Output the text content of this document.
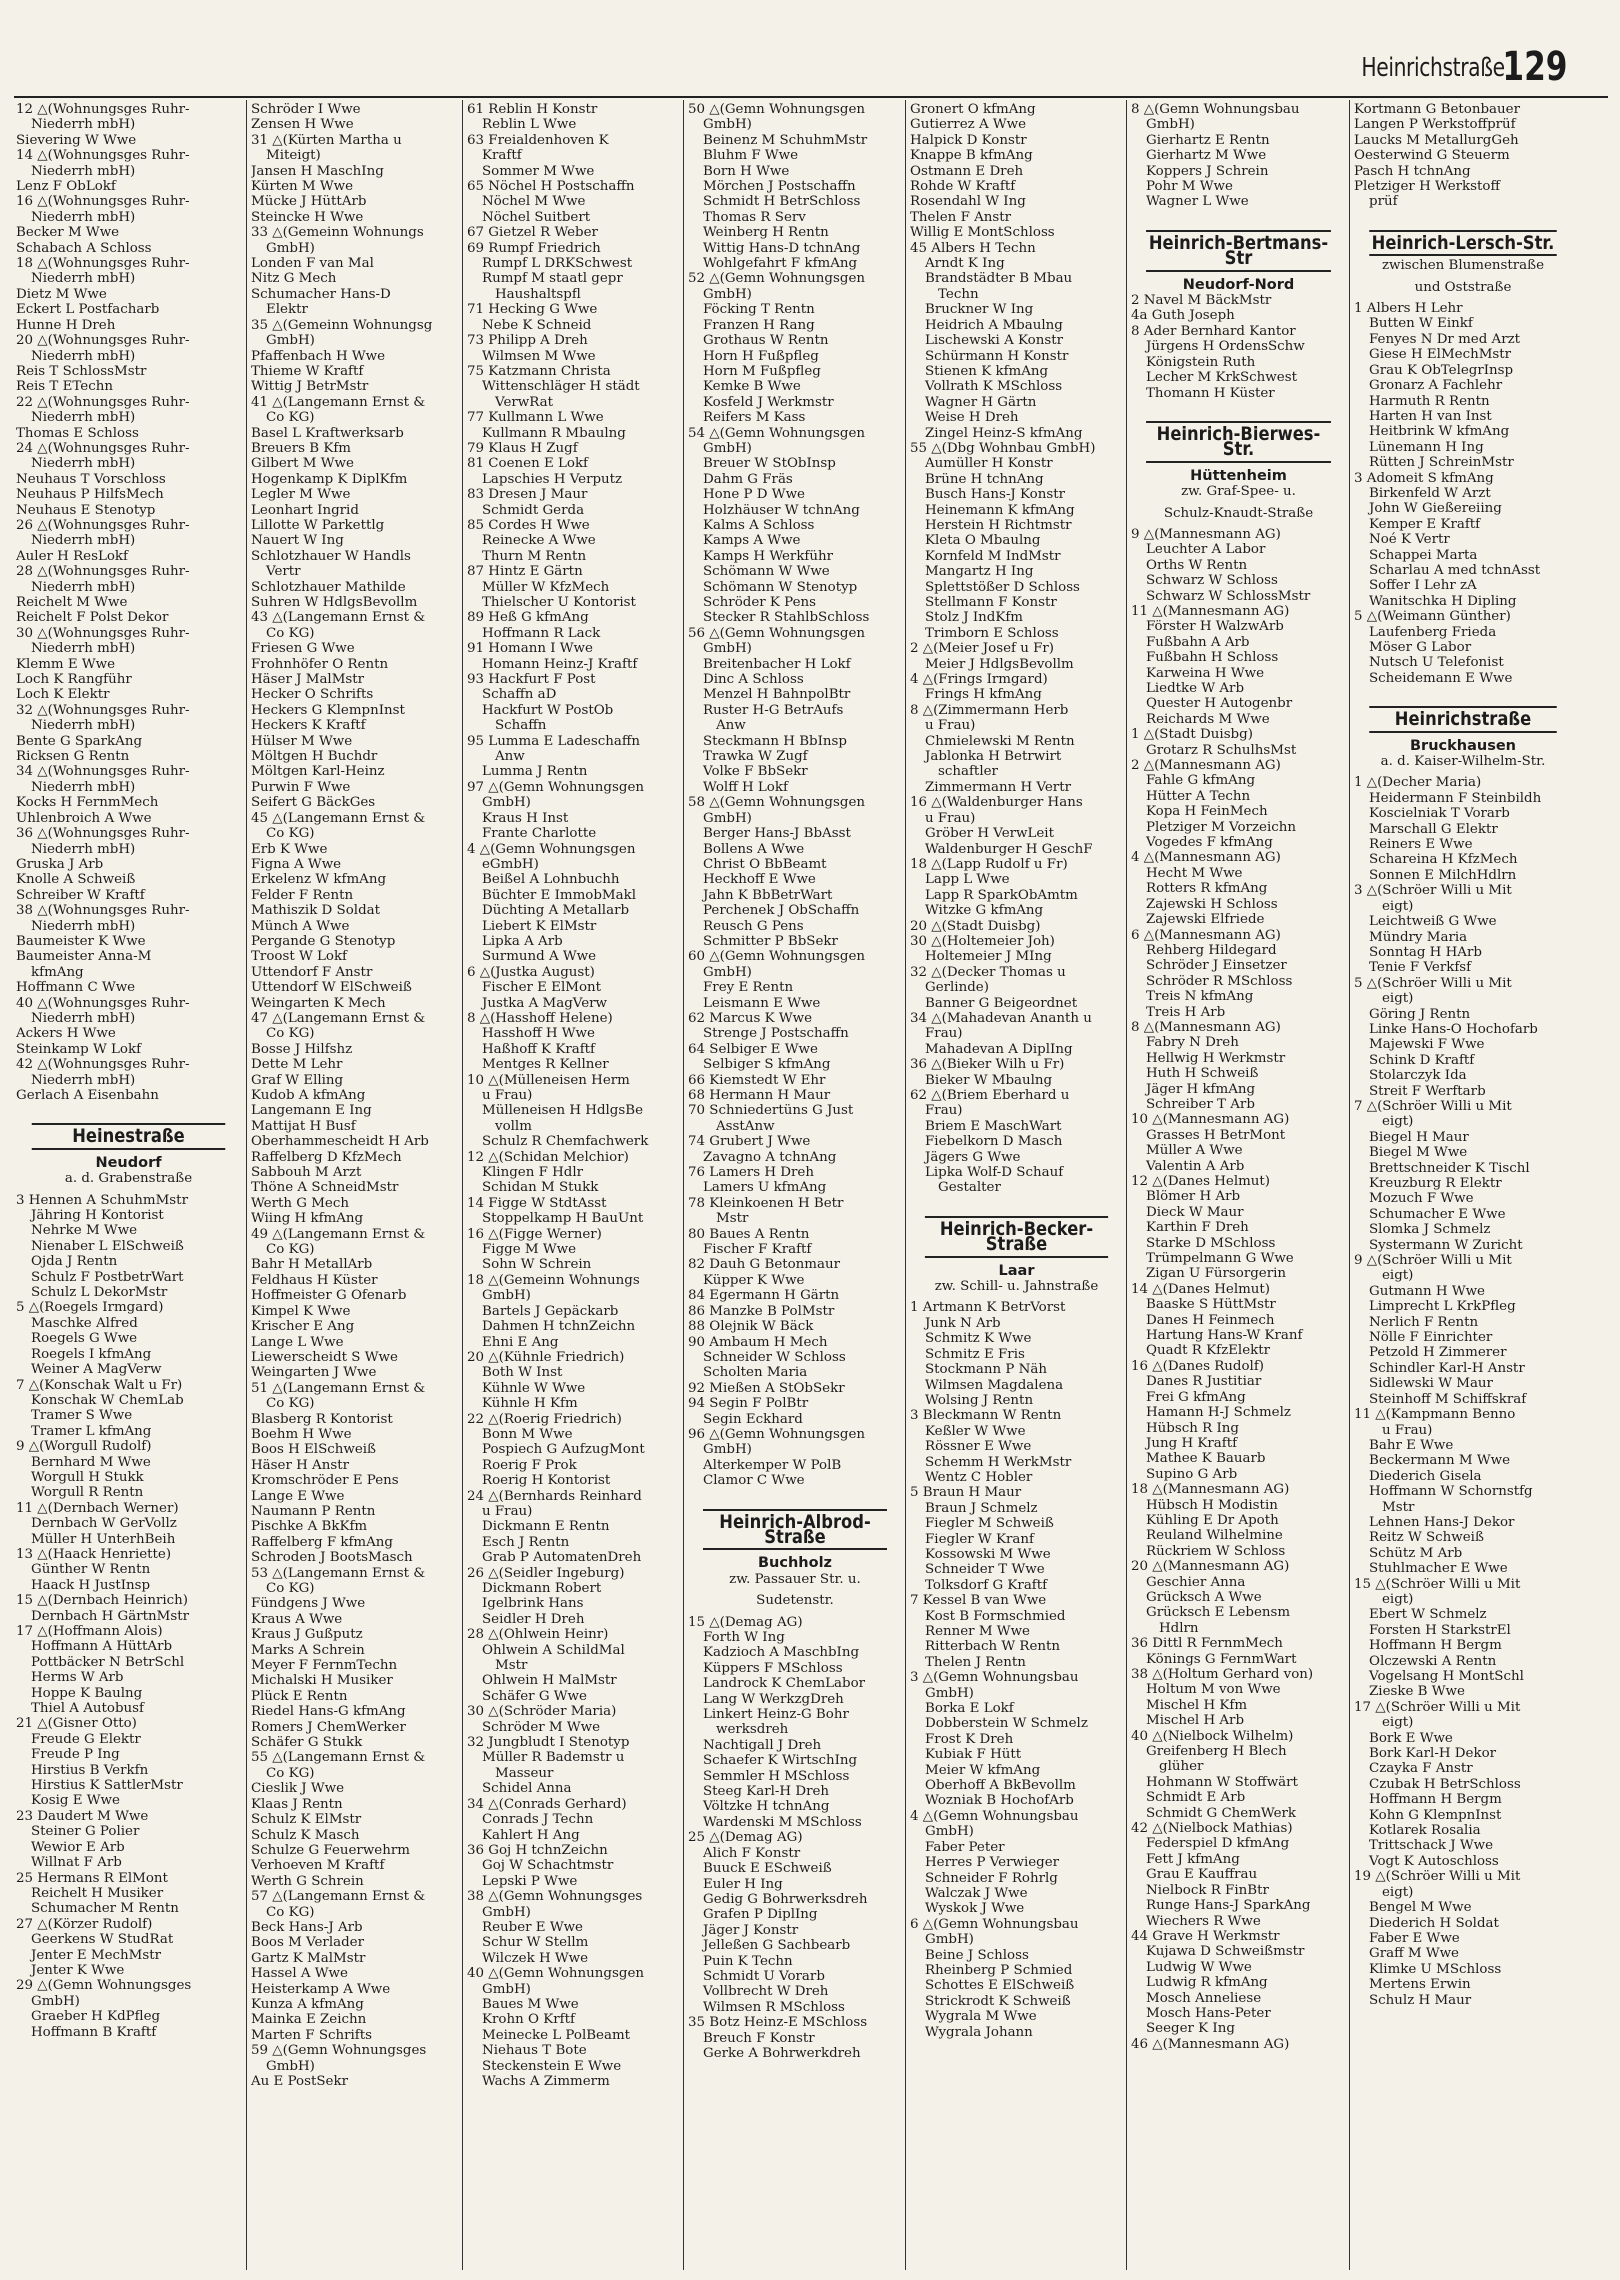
Heinrichstraße
129
12 △(Wohnungsges Ruhr-
Niederrh mbH)
Sievering W Wwe
14 △(Wohnungsges Ruhr-
Niederrh mbH)
Lenz F ObLokf
16 △(Wohnungsges Ruhr-
Niederrh mbH)
Becker M Wwe
Schabach A Schloss
18 △(Wohnungsges Ruhr-
Niederrh mbH)
Dietz M Wwe
Eckert L Postfacharb
Hunne H Dreh
20 △(Wohnungsges Ruhr-
Niederrh mbH)
Reis T SchlossMstr
Reis T ETechn
22 △(Wohnungsges Ruhr-
Niederrh mbH)
Thomas E Schloss
24 △(Wohnungsges Ruhr-
Niederrh mbH)
Neuhaus T Vorschloss
Neuhaus P HilfsMech
Neuhaus E Stenotyp
26 △(Wohnungsges Ruhr-
Niederrh mbH)
Auler H ResLokf
28 △(Wohnungsges Ruhr-
Niederrh mbH)
Reichelt M Wwe
Reichelt F Polst Dekor
30 △(Wohnungsges Ruhr-
Niederrh mbH)
Klemm E Wwe
Loch K Rangführ
Loch K Elektr
32 △(Wohnungsges Ruhr-
Niederrh mbH)
Bente G SparkAng
Ricksen G Rentn
34 △(Wohnungsges Ruhr-
Niederrh mbH)
Kocks H FernmMech
Uhlenbroich A Wwe
36 △(Wohnungsges Ruhr-
Niederrh mbH)
Gruska J Arb
Knolle A Schweiß
Schreiber W Kraftf
38 △(Wohnungsges Ruhr-
Niederrh mbH)
Baumeister K Wwe
Baumeister Anna-M
kfmAng
Hoffmann C Wwe
40 △(Wohnungsges Ruhr-
Niederrh mbH)
Ackers H Wwe
Steinkamp W Lokf
42 △(Wohnungsges Ruhr-
Niederrh mbH)
Gerlach A Eisenbahn
Heinestraße
Neudorf
a. d. Grabenstraße
3 Hennen A SchuhmMstr
Jähring H Kontorist
Nehrke M Wwe
Nienaber L ElSchweiß
Ojda J Rentn
Schulz F PostbetrWart
Schulz L DekorMstr
5 △(Roegels Irmgard)
Maschke Alfred
Roegels G Wwe
Roegels I kfmAng
Weiner A MagVerw
7 △(Konschak Walt u Fr)
Konschak W ChemLab
Tramer S Wwe
Tramer L kfmAng
9 △(Worgull Rudolf)
Bernhard M Wwe
Worgull H Stukk
Worgull R Rentn
11 △(Dernbach Werner)
Dernbach W GerVollz
Müller H UnterhBeih
13 △(Haack Henriette)
Günther W Rentn
Haack H JustInsp
15 △(Dernbach Heinrich)
Dernbach H GärtnMstr
17 △(Hoffmann Alois)
Hoffmann A HüttArb
Pottbäcker N BetrSchl
Herms W Arb
Hoppe K Baulng
Thiel A Autobusf
21 △(Gisner Otto)
Freude G Elektr
Freude P Ing
Hirstius B Verkfn
Hirstius K SattlerMstr
Kosig E Wwe
23 Daudert M Wwe
Steiner G Polier
Wewior E Arb
Willnat F Arb
25 Hermans R ElMont
Reichelt H Musiker
Schumacher M Rentn
27 △(Körzer Rudolf)
Geerkens W StudRat
Jenter E MechMstr
Jenter K Wwe
29 △(Gemn Wohnungsges
GmbH)
Graeber H KdPfleg
Hoffmann B Kraftf
Schröder I Wwe
Zensen H Wwe
31 △(Kürten Martha u
Miteigt)
Jansen H MaschIng
Kürten M Wwe
Mücke J HüttArb
Steincke H Wwe
33 △(Gemeinn Wohnungs
GmbH)
Londen F van Mal
Nitz G Mech
Schumacher Hans-D
Elektr
35 △(Gemeinn Wohnungsg
GmbH)
Pfaffenbach H Wwe
Thieme W Kraftf
Wittig J BetrMstr
41 △(Langemann Ernst &
Co KG)
Basel L Kraftwerksarb
Breuers B Kfm
Gilbert M Wwe
Hogenkamp K DiplKfm
Legler M Wwe
Leonhart Ingrid
Lillotte W Parkettlg
Nauert W Ing
Schlotzhauer W Handls
Vertr
Schlotzhauer Mathilde
Suhren W HdlgsBevollm
43 △(Langemann Ernst &
Co KG)
Friesen G Wwe
Frohnhöfer O Rentn
Häser J MalMstr
Hecker O Schrifts
Heckers G KlempnInst
Heckers K Kraftf
Hülser M Wwe
Möltgen H Buchdr
Möltgen Karl-Heinz
Purwin F Wwe
Seifert G BäckGes
45 △(Langemann Ernst &
Co KG)
Erb K Wwe
Figna A Wwe
Erkelenz W kfmAng
Felder F Rentn
Mathiszik D Soldat
Münch A Wwe
Pergande G Stenotyp
Troost W Lokf
Uttendorf F Anstr
Uttendorf W ElSchweiß
Weingarten K Mech
47 △(Langemann Ernst &
Co KG)
Bosse J Hilfshz
Dette M Lehr
Graf W Elling
Kudob A kfmAng
Langemann E Ing
Mattijat H Busf
Oberhammescheidt H Arb
Raffelberg D KfzMech
Sabbouh M Arzt
Thöne A SchneidMstr
Werth G Mech
Wiing H kfmAng
49 △(Langemann Ernst &
Co KG)
Bahr H MetallArb
Feldhaus H Küster
Hoffmeister G Ofenarb
Kimpel K Wwe
Krischer E Ang
Lange L Wwe
Liewerscheidt S Wwe
Weingarten J Wwe
51 △(Langemann Ernst &
Co KG)
Blasberg R Kontorist
Boehm H Wwe
Boos H ElSchweiß
Häser H Anstr
Kromschröder E Pens
Lange E Wwe
Naumann P Rentn
Pischke A BkKfm
Raffelberg F kfmAng
Schroden J BootsMasch
53 △(Langemann Ernst &
Co KG)
Fündgens J Wwe
Kraus A Wwe
Kraus J Gußputz
Marks A Schrein
Meyer F FernmTechn
Michalski H Musiker
Plück E Rentn
Riedel Hans-G kfmAng
Romers J ChemWerker
Schäfer G Stukk
55 △(Langemann Ernst &
Co KG)
Cieslik J Wwe
Klaas J Rentn
Schulz K ElMstr
Schulz K Masch
Schulze G Feuerwehrm
Verhoeven M Kraftf
Werth G Schrein
57 △(Langemann Ernst &
Co KG)
Beck Hans-J Arb
Boos M Verlader
Gartz K MalMstr
Hassel A Wwe
Heisterkamp A Wwe
Kunza A kfmAng
Mainka E Zeichn
Marten F Schrifts
59 △(Gemn Wohnungsges
GmbH)
Au E PostSekr
61 Reblin H Konstr
Reblin L Wwe
63 Freialdenhoven K
Kraftf
Sommer M Wwe
65 Nöchel H Postschaffn
Nöchel M Wwe
Nöchel Suitbert
67 Gietzel R Weber
69 Rumpf Friedrich
Rumpf L DRKSchwest
Rumpf M staatl gepr
Haushaltspfl
71 Hecking G Wwe
Nebe K Schneid
73 Philipp A Dreh
Wilmsen M Wwe
75 Katzmann Christa
Wittenschläger H städt
VerwRat
77 Kullmann L Wwe
Kullmann R Mbaulng
79 Klaus H Zugf
81 Coenen E Lokf
Lapschies H Verputz
83 Dresen J Maur
Schmidt Gerda
85 Cordes H Wwe
Reinecke A Wwe
Thurn M Rentn
87 Hintz E Gärtn
Müller W KfzMech
Thielscher U Kontorist
89 Heß G kfmAng
Hoffmann R Lack
91 Homann I Wwe
Homann Heinz-J Kraftf
93 Hackfurt F Post
Schaffn aD
Hackfurt W PostOb
Schaffn
95 Lumma E Ladeschaffn
Anw
Lumma J Rentn
97 △(Gemn Wohnungsgen
GmbH)
Kraus H Inst
Frante Charlotte
4 △(Gemn Wohnungsgen
eGmbH)
Beißel A Lohnbuchh
Büchter E ImmobMakl
Düchting A Metallarb
Liebert K ElMstr
Lipka A Arb
Surmund A Wwe
6 △(Justka August)
Fischer E ElMont
Justka A MagVerw
8 △(Hasshoff Helene)
Hasshoff H Wwe
Haßhoff K Kraftf
Mentges R Kellner
10 △(Mülleneisen Herm
u Frau)
Mülleneisen H HdlgsBe
vollm
Schulz R Chemfachwerk
12 △(Schidan Melchior)
Klingen F Hdlr
Schidan M Stukk
14 Figge W StdtAsst
Stoppelkamp H BauUnt
16 △(Figge Werner)
Figge M Wwe
Sohn W Schrein
18 △(Gemeinn Wohnungs
GmbH)
Bartels J Gepäckarb
Dahmen H tchnZeichn
Ehni E Ang
20 △(Kühnle Friedrich)
Both W Inst
Kühnle W Wwe
Kühnle H Kfm
22 △(Roerig Friedrich)
Bonn M Wwe
Pospiech G AufzugMont
Roerig F Prok
Roerig H Kontorist
24 △(Bernhards Reinhard
u Frau)
Dickmann E Rentn
Esch J Rentn
Grab P AutomatenDreh
26 △(Seidler Ingeburg)
Dickmann Robert
Igelbrink Hans
Seidler H Dreh
28 △(Ohlwein Heinr)
Ohlwein A SchildMal
Mstr
Ohlwein H MalMstr
Schäfer G Wwe
30 △(Schröder Maria)
Schröder M Wwe
32 Jungbludt I Stenotyp
Müller R Bademstr u
Masseur
Schidel Anna
34 △(Conrads Gerhard)
Conrads J Techn
Kahlert H Ang
36 Goj H tchnZeichn
Goj W Schachtmstr
Lepski P Wwe
38 △(Gemn Wohnungsges
GmbH)
Reuber E Wwe
Schur W Stellm
Wilczek H Wwe
40 △(Gemn Wohnungsgen
GmbH)
Baues M Wwe
Krohn O Krftf
Meinecke L PolBeamt
Niehaus T Bote
Steckenstein E Wwe
Wachs A Zimmerm
50 △(Gemn Wohnungsgen
GmbH)
Beinenz M SchuhmMstr
Bluhm F Wwe
Born H Wwe
Mörchen J Postschaffn
Schmidt H BetrSchloss
Thomas R Serv
Weinberg H Rentn
Wittig Hans-D tchnAng
Wohlgefahrt F kfmAng
52 △(Gemn Wohnungsgen
GmbH)
Föcking T Rentn
Franzen H Rang
Grothaus W Rentn
Horn H Fußpfleg
Horn M Fußpfleg
Kemke B Wwe
Kosfeld J Werkmstr
Reifers M Kass
54 △(Gemn Wohnungsgen
GmbH)
Breuer W StObInsp
Dahm G Fräs
Hone P D Wwe
Holzhäuser W tchnAng
Kalms A Schloss
Kamps A Wwe
Kamps H Werkführ
Schömann W Wwe
Schömann W Stenotyp
Schröder K Pens
Stecker R StahlbSchloss
56 △(Gemn Wohnungsgen
GmbH)
Breitenbacher H Lokf
Dinc A Schloss
Menzel H BahnpolBtr
Ruster H-G BetrAufs
Anw
Steckmann H BbInsp
Trawka W Zugf
Volke F BbSekr
Wolff H Lokf
58 △(Gemn Wohnungsgen
GmbH)
Berger Hans-J BbAsst
Bollens A Wwe
Christ O BbBeamt
Heckhoff E Wwe
Jahn K BbBetrWart
Perchenek J ObSchaffn
Reusch G Pens
Schmitter P BbSekr
60 △(Gemn Wohnungsgen
GmbH)
Frey E Rentn
Leismann E Wwe
62 Marcus K Wwe
Strenge J Postschaffn
64 Selbiger E Wwe
Selbiger S kfmAng
66 Kiemstedt W Ehr
68 Hermann H Maur
70 Schniedertüns G Just
AsstAnw
74 Grubert J Wwe
Zavagno A tchnAng
76 Lamers H Dreh
Lamers U kfmAng
78 Kleinkoenen H Betr
Mstr
80 Baues A Rentn
Fischer F Kraftf
82 Dauh G Betonmaur
Küpper K Wwe
84 Egermann H Gärtn
86 Manzke B PolMstr
88 Olejnik W Bäck
90 Ambaum H Mech
Schneider W Schloss
Scholten Maria
92 Mießen A StObSekr
94 Segin F PolBtr
Segin Eckhard
96 △(Gemn Wohnungsgen
GmbH)
Alterkemper W PolB
Clamor C Wwe
Heinrich-Albrod-Straße
Buchholz
zw. Passauer Str. u.
Sudetenstr.
15 △(Demag AG)
Forth W Ing
Kadzioch A MaschbIng
Küppers F MSchloss
Landrock K ChemLabor
Lang W WerkzgDreh
Linkert Heinz-G Bohr
werksdreh
Nachtigall J Dreh
Schaefer K WirtschIng
Semmler H MSchloss
Steeg Karl-H Dreh
Völtzke H tchnAng
Wardenski M MSchloss
25 △(Demag AG)
Alich F Konstr
Buuck E ESchweiß
Euler H Ing
Gedig G Bohrwerksdreh
Grafen P DiplIng
Jäger J Konstr
Jelleßen G Sachbearb
Puin K Techn
Schmidt U Vorarb
Vollbrecht W Dreh
Wilmsen R MSchloss
35 Botz Heinz-E MSchloss
Breuch F Konstr
Gerke A Bohrwerkdreh
Gronert O kfmAng
Gutierrez A Wwe
Halpick D Konstr
Knappe B kfmAng
Ostmann E Dreh
Rohde W Kraftf
Rosendahl W Ing
Thelen F Anstr
Willig E MontSchloss
45 Albers H Techn
Arndt K Ing
Brandstädter B Mbau
Techn
Bruckner W Ing
Heidrich A Mbaulng
Lischewski A Konstr
Schürmann H Konstr
Stienen K kfmAng
Vollrath K MSchloss
Wagner H Gärtn
Weise H Dreh
Zingel Heinz-S kfmAng
55 △(Dbg Wohnbau GmbH)
Aumüller H Konstr
Brüne H tchnAng
Busch Hans-J Konstr
Heinemann K kfmAng
Herstein H Richtmstr
Kleta O Mbaulng
Kornfeld M IndMstr
Mangartz H Ing
Splettstößer D Schloss
Stellmann F Konstr
Stolz J IndKfm
Trimborn E Schloss
2 △(Meier Josef u Fr)
Meier J HdlgsBevollm
4 △(Frings Irmgard)
Frings H kfmAng
8 △(Zimmermann Herb
u Frau)
Chmielewski M Rentn
Jablonka H Betrwirt
schaftler
Zimmermann H Vertr
16 △(Waldenburger Hans
u Frau)
Gröber H VerwLeit
Waldenburger H GeschF
18 △(Lapp Rudolf u Fr)
Lapp L Wwe
Lapp R SparkObAmtm
Witzke G kfmAng
20 △(Stadt Duisbg)
30 △(Holtemeier Joh)
Holtemeier J MIng
32 △(Decker Thomas u
Gerlinde)
Banner G Beigeordnet
34 △(Mahadevan Ananth u
Frau)
Mahadevan A DiplIng
36 △(Bieker Wilh u Fr)
Bieker W Mbaulng
62 △(Briem Eberhard u
Frau)
Briem E MaschWart
Fiebelkorn D Masch
Jägers G Wwe
Lipka Wolf-D Schauf
Gestalter
Heinrich-Becker-Straße
Laar
zw. Schill- u. Jahnstraße
1 Artmann K BetrVorst
Junk N Arb
Schmitz K Wwe
Schmitz E Fris
Stockmann P Näh
Wilmsen Magdalena
Wolsing J Rentn
3 Bleckmann W Rentn
Keßler W Wwe
Rössner E Wwe
Schemm H WerkMstr
Wentz C Hobler
5 Braun H Maur
Braun J Schmelz
Fiegler M Schweiß
Fiegler W Kranf
Kossowski M Wwe
Schneider T Wwe
Tolksdorf G Kraftf
7 Kessel B van Wwe
Kost B Formschmied
Renner M Wwe
Ritterbach W Rentn
Thelen J Rentn
3 △(Gemn Wohnungsbau
GmbH)
Borka E Lokf
Dobberstein W Schmelz
Frost K Dreh
Kubiak F Hütt
Meier W kfmAng
Oberhoff A BkBevollm
Wozniak B HochofArb
4 △(Gemn Wohnungsbau
GmbH)
Faber Peter
Herres P Verwieger
Schneider F Rohrlg
Walczak J Wwe
Wyskok J Wwe
6 △(Gemn Wohnungsbau
GmbH)
Beine J Schloss
Rheinberg P Schmied
Schottes E ElSchweiß
Strickrodt K Schweiß
Wygrala M Wwe
Wygrala Johann
8 △(Gemn Wohnungsbau
GmbH)
Gierhartz E Rentn
Gierhartz M Wwe
Koppers J Schrein
Pohr M Wwe
Wagner L Wwe
Heinrich-Bertmans-Str
Neudorf-Nord
2 Navel M BäckMstr
4a Guth Joseph
8 Ader Bernhard Kantor
Jürgens H OrdensSchw
Königstein Ruth
Lecher M KrkSchwest
Thomann H Küster
Heinrich-Bierwes-Str.
Hüttenheim
zw. Graf-Spee- u.
Schulz-Knaudt-Straße
9 △(Mannesmann AG)
Leuchter A Labor
Orths W Rentn
Schwarz W Schloss
Schwarz W SchlossMstr
11 △(Mannesmann AG)
Förster H WalzwArb
Fußbahn A Arb
Fußbahn H Schloss
Karweina H Wwe
Liedtke W Arb
Quester H Autogenbr
Reichards M Wwe
1 △(Stadt Duisbg)
Grotarz R SchulhsMst
2 △(Mannesmann AG)
Fahle G kfmAng
Hütter A Techn
Kopa H FeinMech
Pletziger M Vorzeichn
Vogedes F kfmAng
4 △(Mannesmann AG)
Hecht M Wwe
Rotters R kfmAng
Zajewski H Schloss
Zajewski Elfriede
6 △(Mannesmann AG)
Rehberg Hildegard
Schröder J Einsetzer
Schröder R MSchloss
Treis N kfmAng
Treis H Arb
8 △(Mannesmann AG)
Fabry N Dreh
Hellwig H Werkmstr
Huth H Schweiß
Jäger H kfmAng
Schreiber T Arb
10 △(Mannesmann AG)
Grasses H BetrMont
Müller A Wwe
Valentin A Arb
12 △(Danes Helmut)
Blömer H Arb
Dieck W Maur
Karthin F Dreh
Starke D MSchloss
Trümpelmann G Wwe
Zigan U Fürsorgerin
14 △(Danes Helmut)
Baaske S HüttMstr
Danes H Feinmech
Hartung Hans-W Kranf
Quadt R KfzElektr
16 △(Danes Rudolf)
Danes R Justitiar
Frei G kfmAng
Hamann H-J Schmelz
Hübsch R Ing
Jung H Kraftf
Mathee K Bauarb
Supino G Arb
18 △(Mannesmann AG)
Hübsch H Modistin
Kühling E Dr Apoth
Reuland Wilhelmine
Rückriem W Schloss
20 △(Mannesmann AG)
Geschier Anna
Grücksch A Wwe
Grücksch E Lebensm
Hdlrn
36 Dittl R FernmMech
Könings G FernmWart
38 △(Holtum Gerhard von)
Holtum M von Wwe
Mischel H Kfm
Mischel H Arb
40 △(Nielbock Wilhelm)
Greifenberg H Blech
glüher
Hohmann W Stoffwärt
Schmidt E Arb
Schmidt G ChemWerk
42 △(Nielbock Mathias)
Federspiel D kfmAng
Fett J kfmAng
Grau E Kauffrau
Nielbock R FinBtr
Runge Hans-J SparkAng
Wiechers R Wwe
44 Grave H Werkmstr
Kujawa D Schweißmstr
Ludwig W Wwe
Ludwig R kfmAng
Mosch Anneliese
Mosch Hans-Peter
Seeger K Ing
46 △(Mannesmann AG)
Kortmann G Betonbauer
Langen P Werkstoffprüf
Laucks M MetallurgGeh
Oesterwind G Steuerm
Pasch H tchnAng
Pletziger H Werkstoff
prüf
Heinrich-Lersch-Str.
zwischen Blumenstraße
und Oststraße
1 Albers H Lehr
Butten W Einkf
Fenyes N Dr med Arzt
Giese H ElMechMstr
Grau K ObTelegrInsp
Gronarz A Fachlehr
Harmuth R Rentn
Harten H van Inst
Heitbrink W kfmAng
Lünemann H Ing
Rütten J SchreinMstr
3 Adomeit S kfmAng
Birkenfeld W Arzt
John W Gießereiing
Kemper E Kraftf
Noé K Vertr
Schappei Marta
Scharlau A med tchnAsst
Soffer I Lehr zA
Wanitschka H Dipling
5 △(Weimann Günther)
Laufenberg Frieda
Möser G Labor
Nutsch U Telefonist
Scheidemann E Wwe
Heinrichstraße
Bruckhausen
a. d. Kaiser-Wilhelm-Str.
1 △(Decher Maria)
Heidermann F Steinbildh
Koscielniak T Vorarb
Marschall G Elektr
Reiners E Wwe
Schareina H KfzMech
Sonnen E MilchHdlrn
3 △(Schröer Willi u Mit
eigt)
Leichtweiß G Wwe
Mündry Maria
Sonntag H HArb
Tenie F Verkfsf
5 △(Schröer Willi u Mit
eigt)
Göring J Rentn
Linke Hans-O Hochofarb
Majewski F Wwe
Schink D Kraftf
Stolarczyk Ida
Streit F Werftarb
7 △(Schröer Willi u Mit
eigt)
Biegel H Maur
Biegel M Wwe
Brettschneider K Tischl
Kreuzburg R Elektr
Mozuch F Wwe
Schumacher E Wwe
Slomka J Schmelz
Systermann W Zuricht
9 △(Schröer Willi u Mit
eigt)
Gutmann H Wwe
Limprecht L KrkPfleg
Nerlich F Rentn
Nölle F Einrichter
Petzold H Zimmerer
Schindler Karl-H Anstr
Sidlewski W Maur
Steinhoff M Schiffskraf
11 △(Kampmann Benno
u Frau)
Bahr E Wwe
Beckermann M Wwe
Diederich Gisela
Hoffmann W Schornstfg
Mstr
Lehnen Hans-J Dekor
Reitz W Schweiß
Schütz M Arb
Stuhlmacher E Wwe
15 △(Schröer Willi u Mit
eigt)
Ebert W Schmelz
Forsten H StarkstrEl
Hoffmann H Bergm
Olczewski A Rentn
Vogelsang H MontSchl
Zieske B Wwe
17 △(Schröer Willi u Mit
eigt)
Bork E Wwe
Bork Karl-H Dekor
Czayka F Anstr
Czubak H BetrSchloss
Hoffmann H Bergm
Kohn G KlempnInst
Kotlarek Rosalia
Trittschack J Wwe
Vogt K Autoschloss
19 △(Schröer Willi u Mit
eigt)
Bengel M Wwe
Diederich H Soldat
Faber E Wwe
Graff M Wwe
Klimke U MSchloss
Mertens Erwin
Schulz H Maur
